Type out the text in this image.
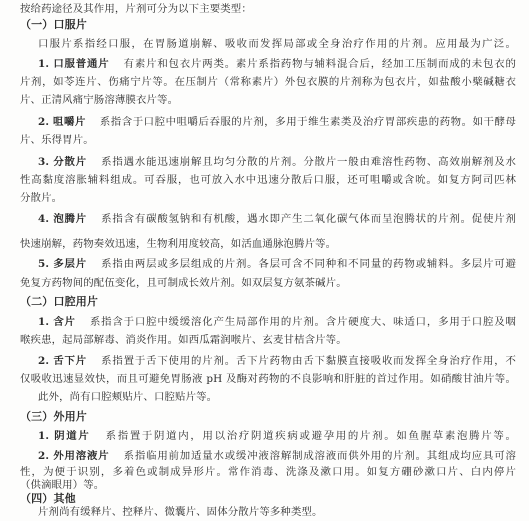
按给药途径及其作用，片剂可分为以下主要类型：
（一）口服片
口服片系指经口服，在胃肠道崩解、吸收而发挥局部或全身治疗作用的片剂。应用最为广泛。
1. 口服普通片 有素片和包衣片两类。素片系指药物与辅料混合后，经加工压制而成的未包衣的
片剂，如苓连片、伤痛宁片等。在压制片（常称素片）外包衣膜的片剂称为包衣片，如盐酸小檗碱糖衣
片、正清风痛宁肠溶薄膜衣片等。
2. 咀嚼片 系指含于口腔中咀嚼后吞服的片剂，多用于维生素类及治疗胃部疾患的药物。如干酵母
片、乐得胃片。
3. 分散片 系指遇水能迅速崩解且均匀分散的片剂。分散片一般由难溶性药物、高效崩解剂及水
性高黏度溶胀辅料组成。可吞服，也可放入水中迅速分散后口服，还可咀嚼或含吮。如复方阿司匹林
分散片。
4. 泡腾片 系指含有碳酸氢钠和有机酸，遇水即产生二氧化碳气体而呈泡腾状的片剂。促使片剂
快速崩解，药物奏效迅速，生物利用度较高，如活血通脉泡腾片等。
5. 多层片 系指由两层或多层组成的片剂。各层可含不同种和不同量的药物或辅料。多层片可避
免复方药物间的配伍变化，且可制成长效片剂。如双层复方氨茶碱片。
（二）口腔用片
1. 含片 系指含于口腔中缓缓溶化产生局部作用的片剂。含片硬度大、味适口，多用于口腔及咽
喉疾患，起局部解毒、消炎作用。如西瓜霜润喉片、玄麦甘桔含片等。
2. 舌下片 系指置于舌下使用的片剂。舌下片药物由舌下黏膜直接吸收而发挥全身治疗作用，不
仅吸收迅速显效快，而且可避免胃肠液 pH 及酶对药物的不良影响和肝脏的首过作用。如硝酸甘油片等。
此外，尚有口腔颊贴片、口腔贴片等。
（三）外用片
1. 阴道片 系指置于阴道内，用以治疗阴道疾病或避孕用的片剂。如鱼腥草素泡腾片等。
2. 外用溶液片 系指临用前加适量水或缓冲液溶解制成溶液而供外用的片剂。其组成均应具可溶
性，为便于识别，多着色或制成异形片。常作消毒、洗涤及漱口用。如复方硼砂漱口片、白内停片
（供滴眼用）等。
（四）其他
片剂尚有缓释片、控释片、微囊片、固体分散片等多种类型。
